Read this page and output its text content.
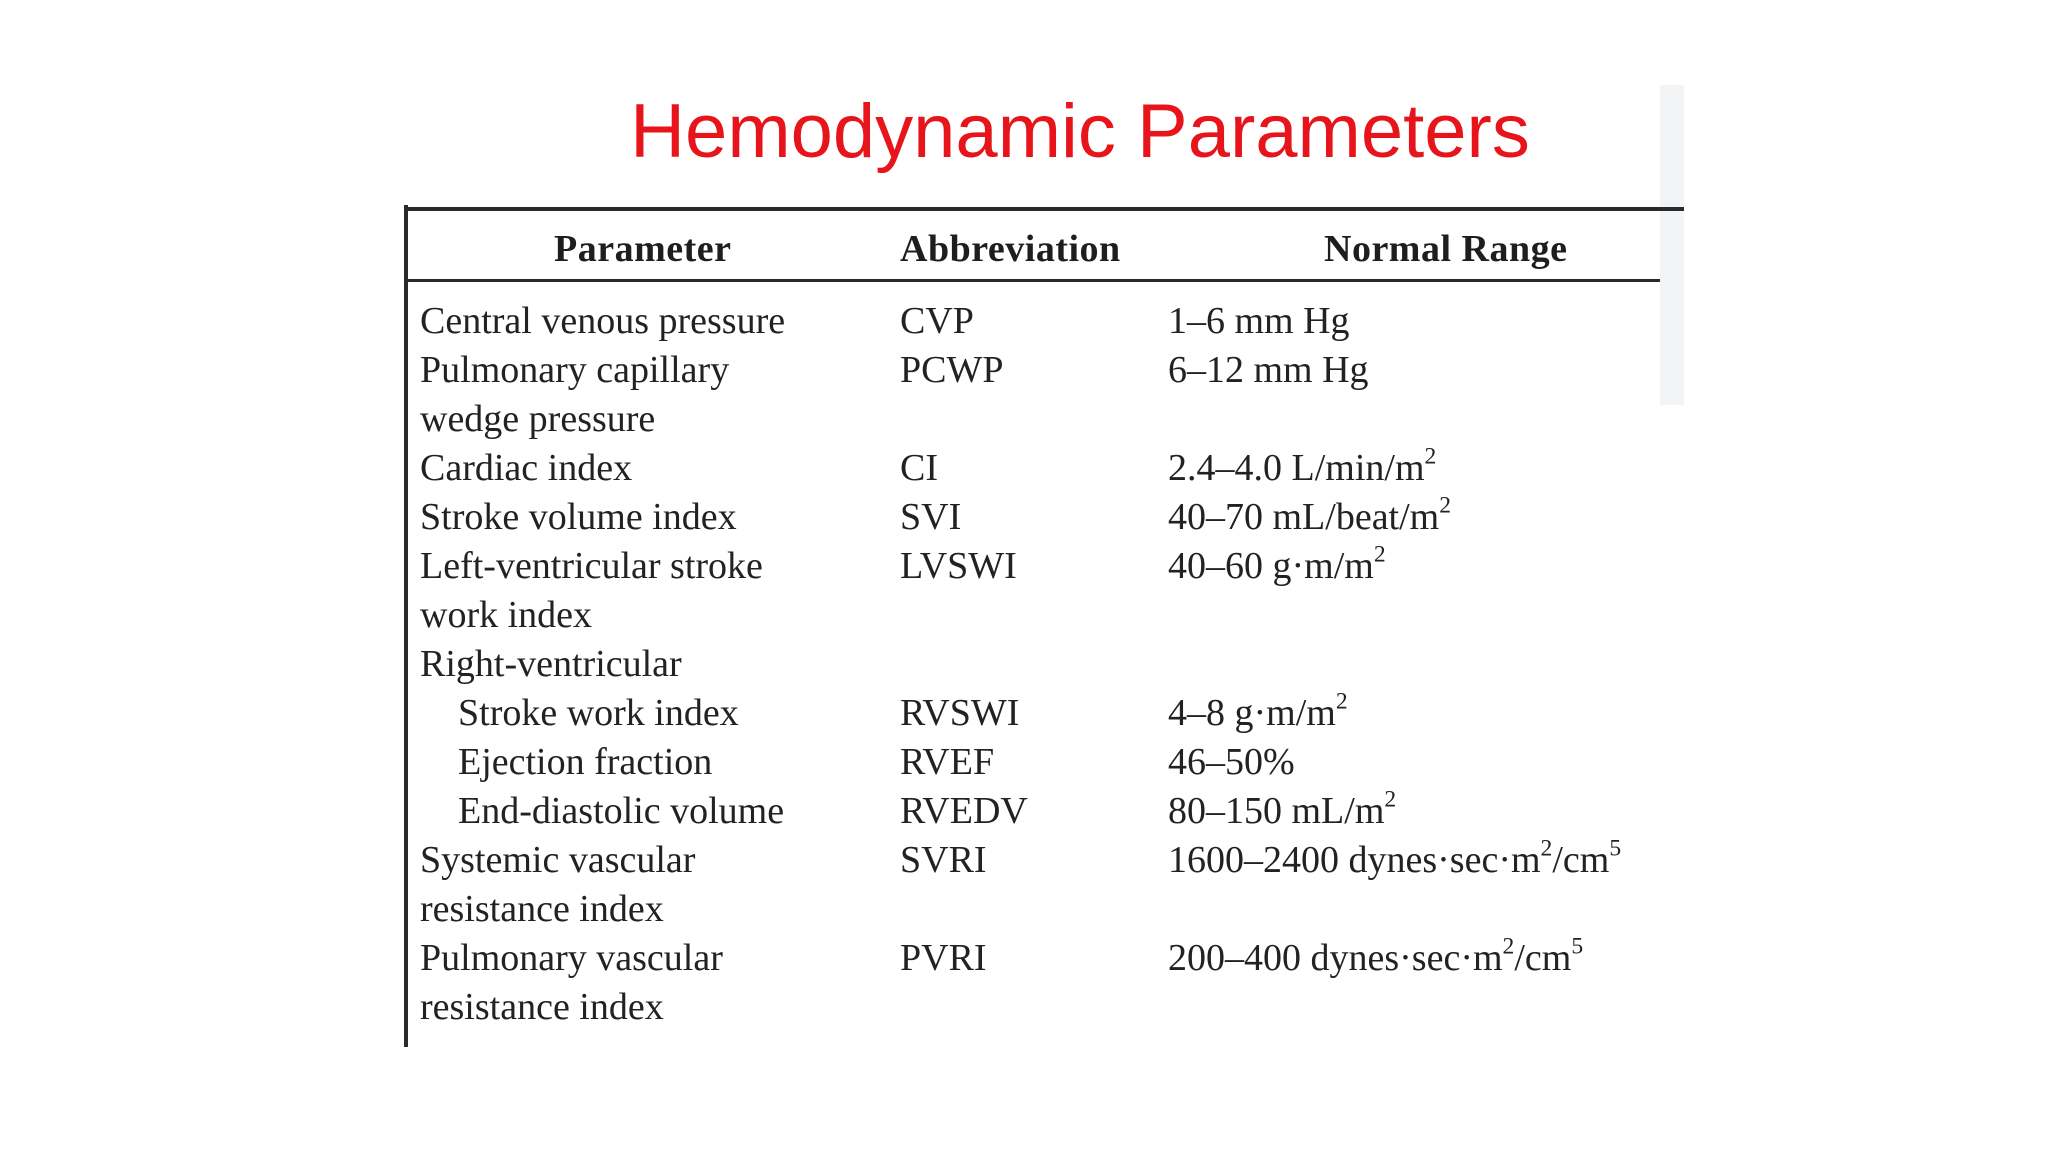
Hemodynamic Parameters
Parameter	Abbreviation	Normal Range
Central venous pressure	CVP	1–6 mm Hg
Pulmonary capillary	PCWP	6–12 mm Hg
wedge pressure
Cardiac index	CI	2.4–4.0 $L/\min/m^2$
Stroke volume index	SVI	40–70 $mL/beat/m^2$
Left-ventricular stroke	LVSWI	40–60 $g\cdot m/m^2$
work index
Right-ventricular
Stroke work index	RVSWI	4–8 $g\cdot m/m^2$
Ejection fraction	RVEF	46–50%
End-diastolic volume	RVEDV	80–150 $mL/m^2$
Systemic vascular	SVRI	1600–2400 $dynes\cdot\sec\cdot m^2/cm^5$
resistance index
Pulmonary vascular	PVRI	200–400 $dynes\cdot\sec\cdot m^2/cm^5$
resistance index
